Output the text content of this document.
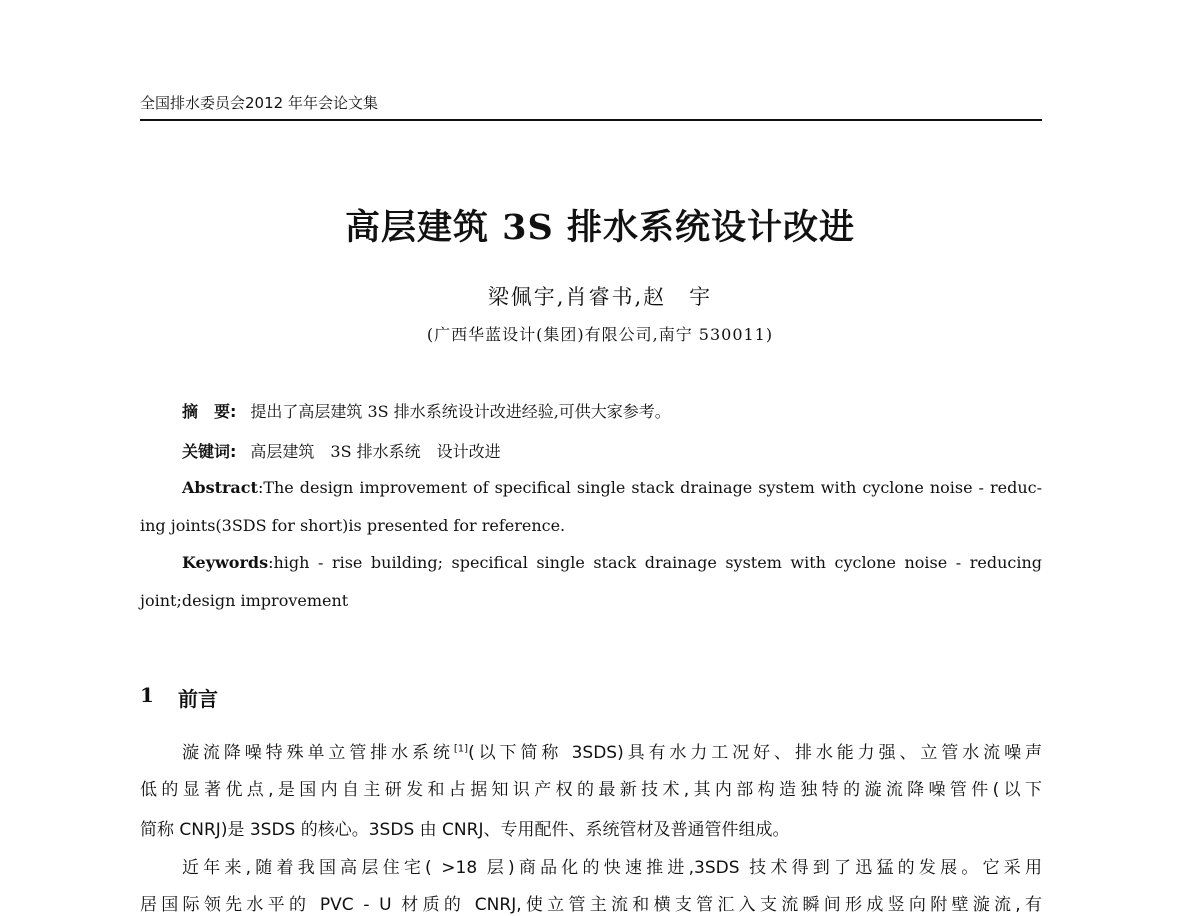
全国排水委员会2012 年年会论文集
高层建筑 3S 排水系统设计改进
梁佩宇,肖睿书,赵　宇
(广西华蓝设计(集团)有限公司,南宁 530011)
摘　要: 提出了高层建筑 3S 排水系统设计改进经验,可供大家参考。
关键词: 高层建筑　3S 排水系统　设计改进
Abstract:The design improvement of specifical single stack drainage system with cyclone noise - reduc-
ing joints(3SDS for short)is presented for reference.
Keywords:high - rise building; specifical single stack drainage system with cyclone noise - reducing
joint;design improvement
1 前言
漩流降噪特殊单立管排水系统[1](以下简称 3SDS)具有水力工况好、排水能力强、立管水流噪声
低的显著优点,是国内自主研发和占据知识产权的最新技术,其内部构造独特的漩流降噪管件(以下
简称 CNRJ)是 3SDS 的核心。3SDS 由 CNRJ、专用配件、系统管材及普通管件组成。
近年来,随着我国高层住宅( >18 层)商品化的快速推进,3SDS 技术得到了迅猛的发展。它采用
居国际领先水平的 PVC - U 材质的 CNRJ,使立管主流和横支管汇入支流瞬间形成竖向附壁漩流,有
